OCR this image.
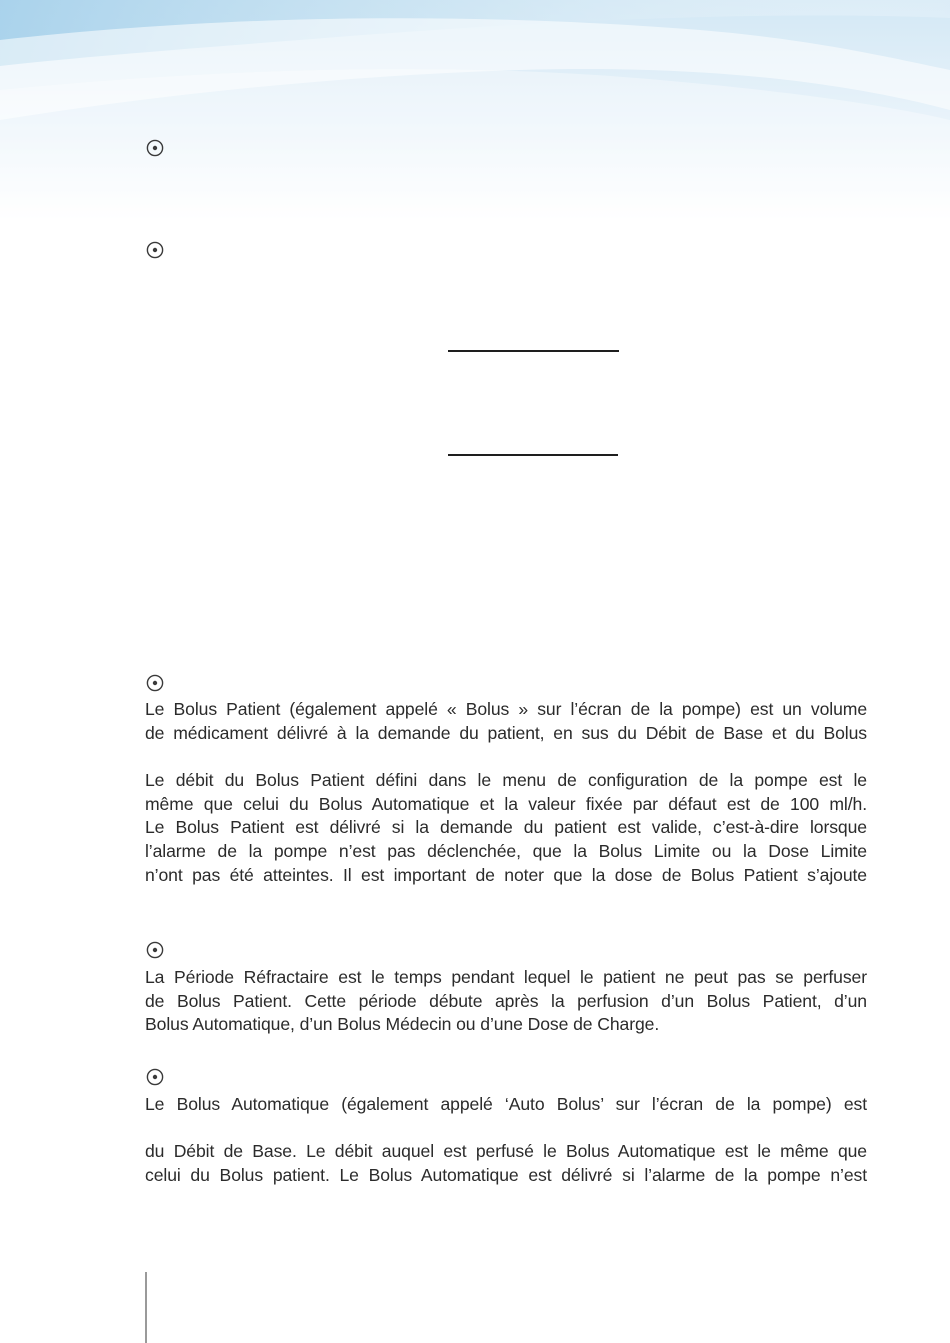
Le Bolus Patient (également appelé « Bolus » sur l’écran de la pompe) est un volume
de médicament délivré à la demande du patient, en sus du Débit de Base et du Bolus
Le débit du Bolus Patient défini dans le menu de configuration de la pompe est le
même que celui du Bolus Automatique et la valeur fixée par défaut est de 100 ml/h.
Le Bolus Patient est délivré si la demande du patient est valide, c’est-à-dire lorsque
l’alarme de la pompe n’est pas déclenchée, que la Bolus Limite ou la Dose Limite
n’ont pas été atteintes. Il est important de noter que la dose de Bolus Patient s’ajoute
La Période Réfractaire est le temps pendant lequel le patient ne peut pas se perfuser
de Bolus Patient. Cette période débute après la perfusion d’un Bolus Patient, d’un
Bolus Automatique, d’un Bolus Médecin ou d’une Dose de Charge.
Le Bolus Automatique (également appelé ‘Auto Bolus’ sur l’écran de la pompe) est
du Débit de Base. Le débit auquel est perfusé le Bolus Automatique est le même que
celui du Bolus patient. Le Bolus Automatique est délivré si l’alarme de la pompe n’est
